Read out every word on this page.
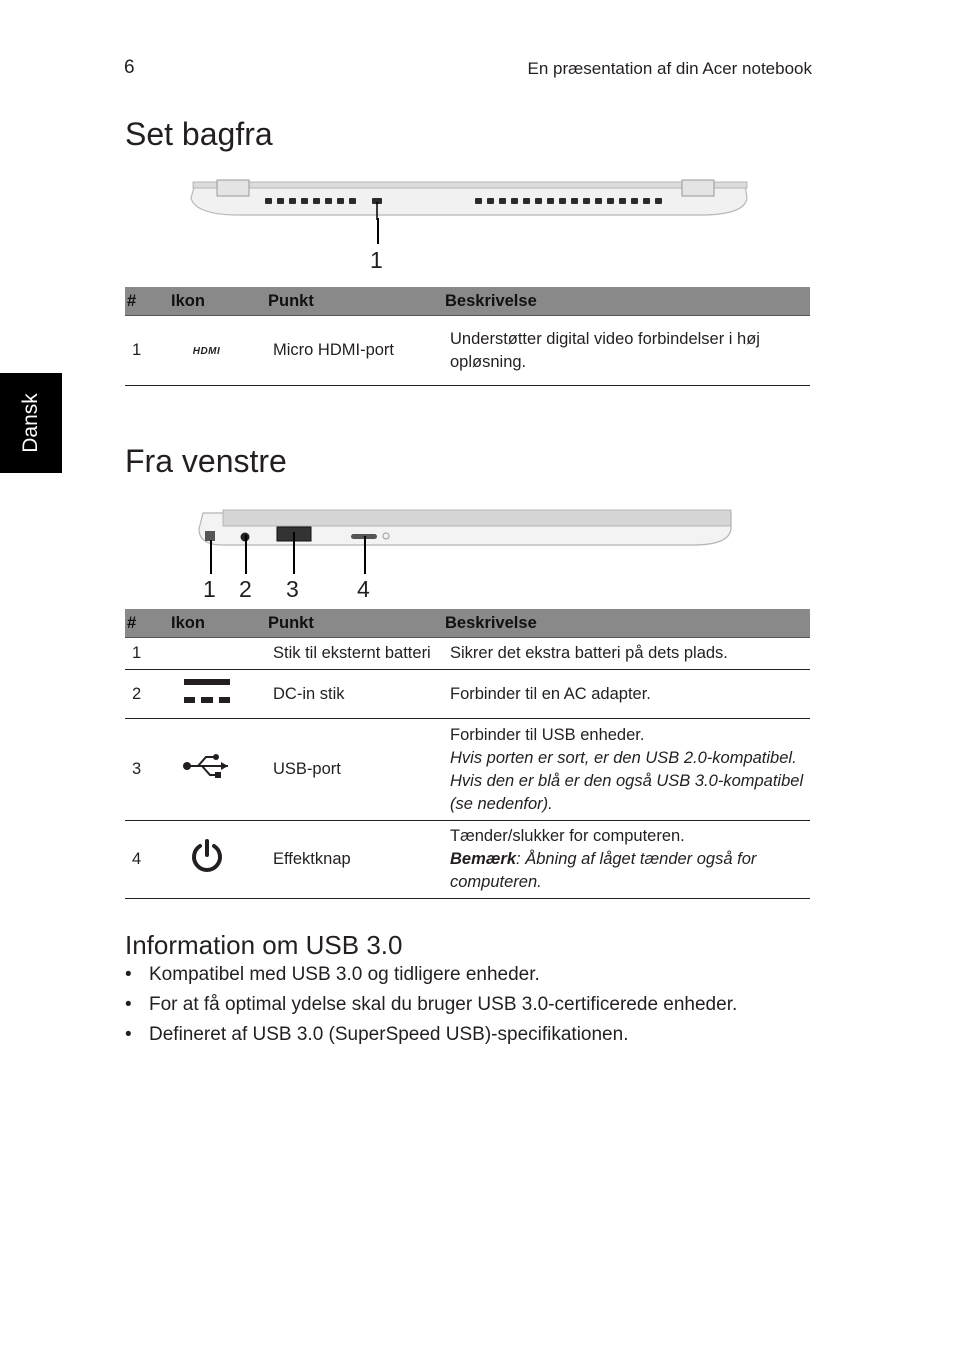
6	En præsentation af din Acer notebook
Dansk
Set bagfra
1
#	Ikon	Punkt	Beskrivelse
1	HDMI	Micro HDMI-port	Understøtter digital video forbindelser i høj opløsning.
Fra venstre
1 2 3	4
#	Ikon	Punkt	Beskrivelse
1		Stik til eksternt batteri	Sikrer det ekstra batteri på dets plads.
2		DC-in stik	Forbinder til en AC adapter.
3		USB-port	Forbinder til USB enheder.
Hvis porten er sort, er den USB 2.0-kompatibel. Hvis den er blå er den også USB 3.0-kompatibel (se nedenfor).

4		Effektknap	Tænder/slukker for computeren.
Bemærk: Åbning af låget tænder også for computeren.
Information om USB 3.0
• Kompatibel med USB 3.0 og tidligere enheder.
• For at få optimal ydelse skal du bruger USB 3.0-certificerede enheder.
• Defineret af USB 3.0 (SuperSpeed USB)-specifikationen.
